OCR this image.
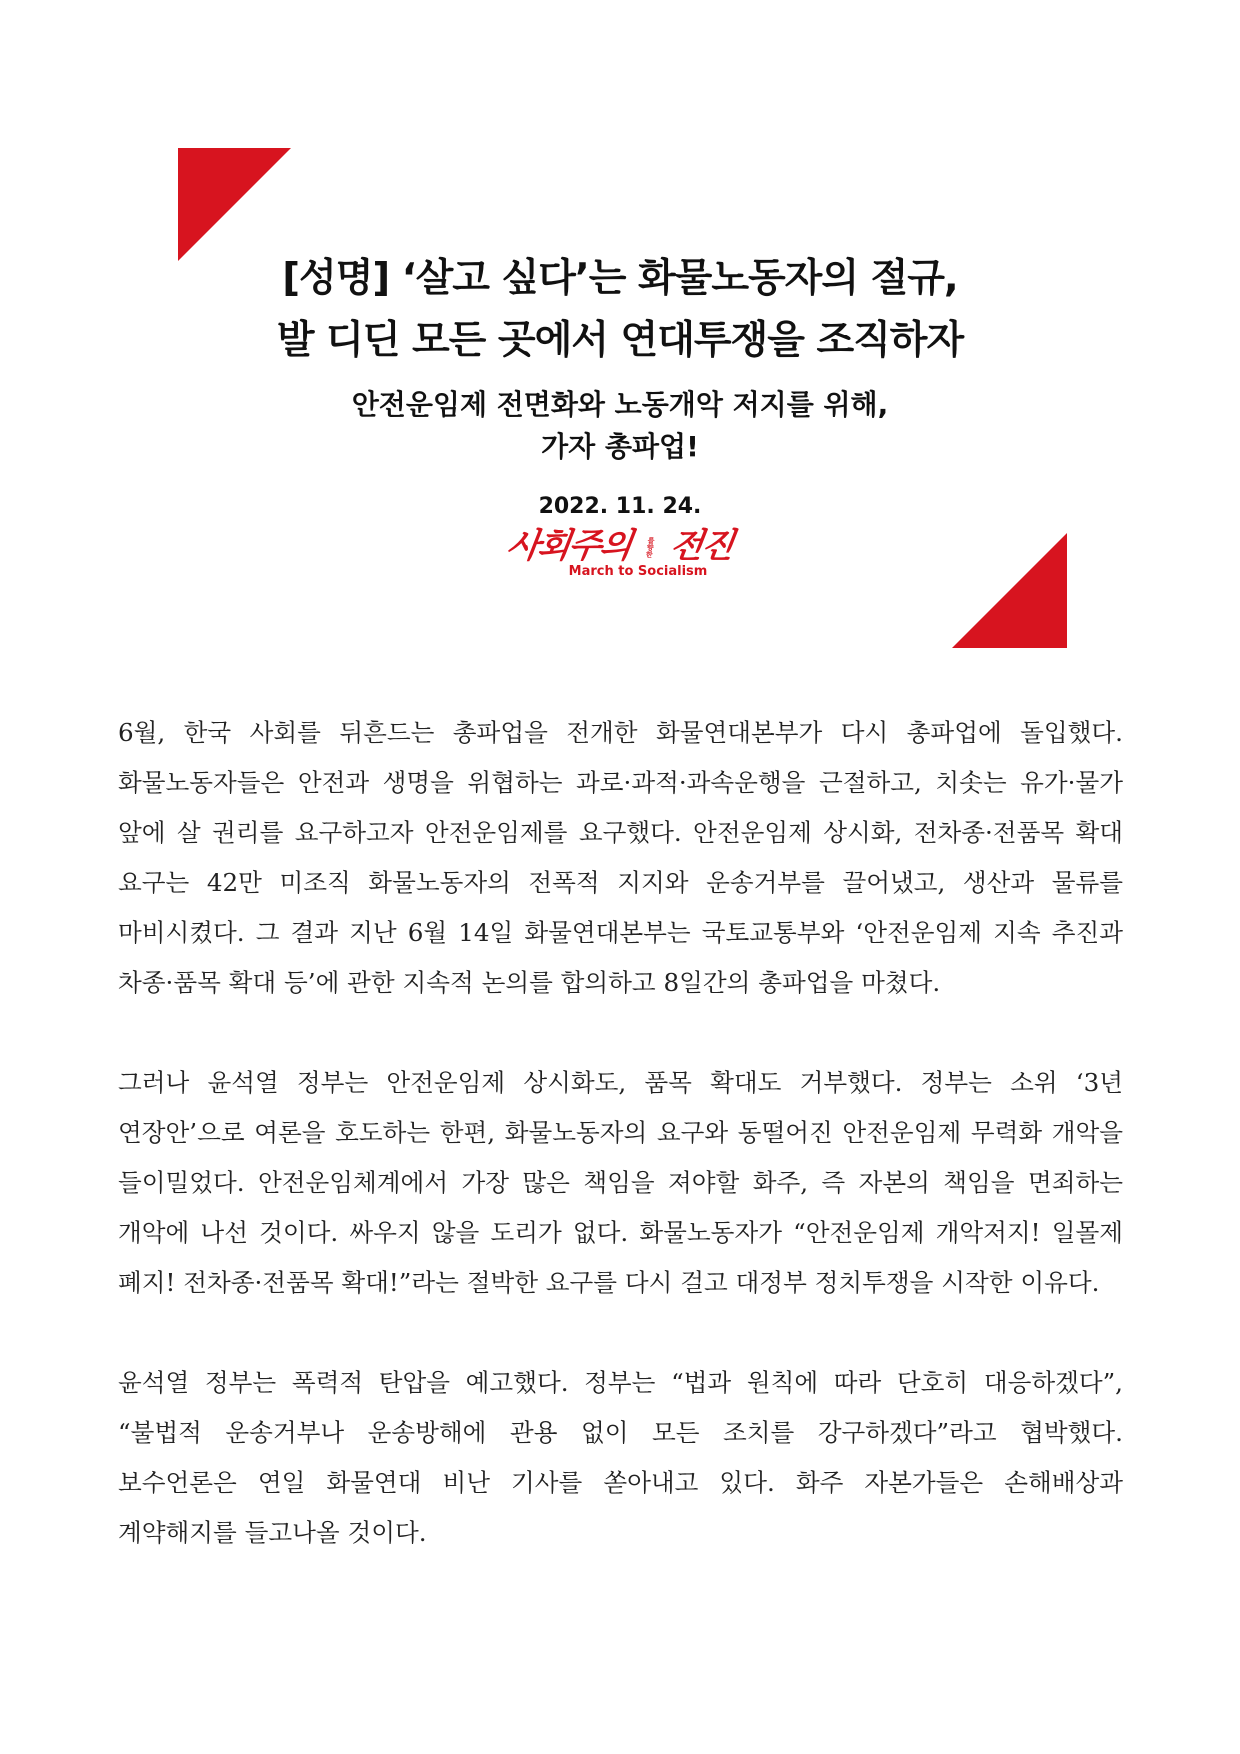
[성명] ‘살고 싶다’는 화물노동자의 절규,
발 디딘 모든 곳에서 연대투쟁을 조직하자
안전운임제 전면화와 노동개악 저지를 위해,
가자 총파업!
2022. 11. 24.
사회주의 를향한 전진
March to Socialism

6월, 한국 사회를 뒤흔드는 총파업을 전개한 화물연대본부가 다시 총파업에 돌입했다. 화물노동자들은 안전과 생명을 위협하는 과로·과적·과속운행을 근절하고, 치솟는 유가·물가 앞에 살 권리를 요구하고자 안전운임제를 요구했다. 안전운임제 상시화, 전차종·전품목 확대 요구는 42만 미조직 화물노동자의 전폭적 지지와 운송거부를 끌어냈고, 생산과 물류를 마비시켰다. 그 결과 지난 6월 14일 화물연대본부는 국토교통부와 ‘안전운임제 지속 추진과 차종·품목 확대 등’에 관한 지속적 논의를 합의하고 8일간의 총파업을 마쳤다.

그러나 윤석열 정부는 안전운임제 상시화도, 품목 확대도 거부했다. 정부는 소위 ‘3년 연장안’으로 여론을 호도하는 한편, 화물노동자의 요구와 동떨어진 안전운임제 무력화 개악을 들이밀었다. 안전운임체계에서 가장 많은 책임을 져야할 화주, 즉 자본의 책임을 면죄하는 개악에 나선 것이다. 싸우지 않을 도리가 없다. 화물노동자가 “안전운임제 개악저지! 일몰제 폐지! 전차종·전품목 확대!”라는 절박한 요구를 다시 걸고 대정부 정치투쟁을 시작한 이유다.

윤석열 정부는 폭력적 탄압을 예고했다. 정부는 “법과 원칙에 따라 단호히 대응하겠다”, “불법적 운송거부나 운송방해에 관용 없이 모든 조치를 강구하겠다”라고 협박했다. 보수언론은 연일 화물연대 비난 기사를 쏟아내고 있다. 화주 자본가들은 손해배상과 계약해지를 들고나올 것이다.
